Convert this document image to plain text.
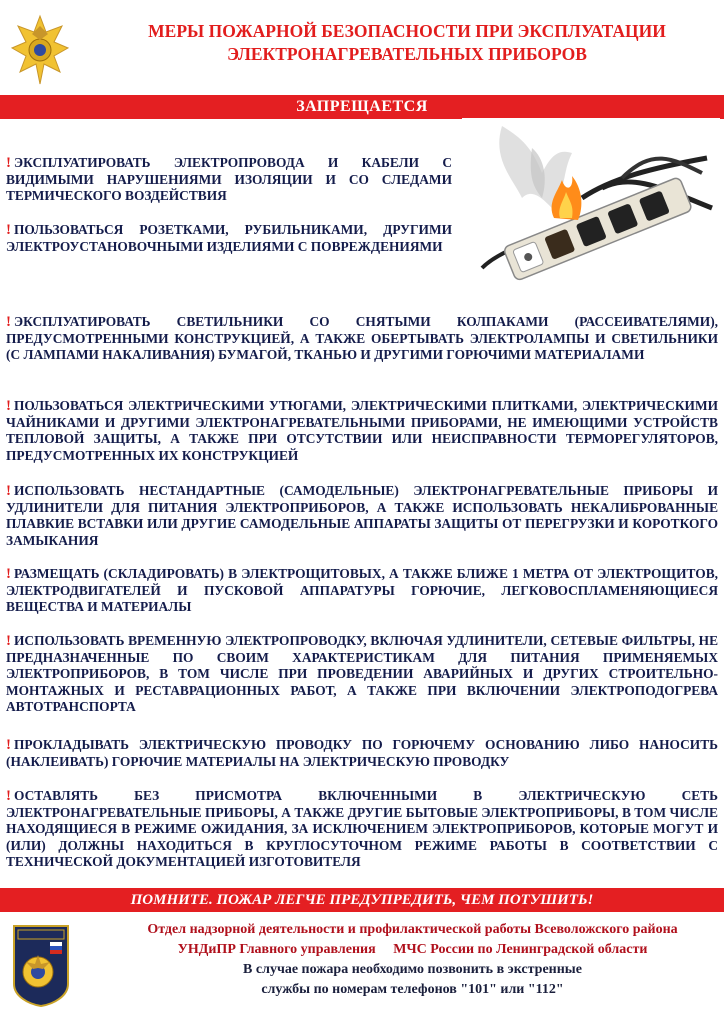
МЕРЫ ПОЖАРНОЙ БЕЗОПАСНОСТИ ПРИ ЭКСПЛУАТАЦИИ
ЭЛЕКТРОНАГРЕВАТЕЛЬНЫХ ПРИБОРОВ
ЗАПРЕЩАЕТСЯ
! ЭКСПЛУАТИРОВАТЬ ЭЛЕКТРОПРОВОДА И КАБЕЛИ С ВИДИМЫМИ НАРУШЕНИЯМИ ИЗОЛЯЦИИ И СО СЛЕДАМИ ТЕРМИЧЕСКОГО ВОЗДЕЙСТВИЯ
! ПОЛЬЗОВАТЬСЯ РОЗЕТКАМИ, РУБИЛЬНИКАМИ, ДРУГИМИ ЭЛЕКТРОУСТАНОВОЧНЫМИ ИЗДЕЛИЯМИ С ПОВРЕЖДЕНИЯМИ
! ЭКСПЛУАТИРОВАТЬ СВЕТИЛЬНИКИ СО СНЯТЫМИ КОЛПАКАМИ (РАССЕИВАТЕЛЯМИ), ПРЕДУСМОТРЕННЫМИ КОНСТРУКЦИЕЙ, А ТАКЖЕ ОБЕРТЫВАТЬ ЭЛЕКТРОЛАМПЫ И СВЕТИЛЬНИКИ (С ЛАМПАМИ НАКАЛИВАНИЯ) БУМАГОЙ, ТКАНЬЮ И ДРУГИМИ ГОРЮЧИМИ МАТЕРИАЛАМИ
! ПОЛЬЗОВАТЬСЯ ЭЛЕКТРИЧЕСКИМИ УТЮГАМИ, ЭЛЕКТРИЧЕСКИМИ ПЛИТКАМИ, ЭЛЕКТРИЧЕСКИМИ ЧАЙНИКАМИ И ДРУГИМИ ЭЛЕКТРОНАГРЕВАТЕЛЬНЫМИ ПРИБОРАМИ, НЕ ИМЕЮЩИМИ УСТРОЙСТВ ТЕПЛОВОЙ ЗАЩИТЫ, А ТАКЖЕ ПРИ ОТСУТСТВИИ ИЛИ НЕИСПРАВНОСТИ ТЕРМОРЕГУЛЯТОРОВ, ПРЕДУСМОТРЕННЫХ ИХ КОНСТРУКЦИЕЙ
! ИСПОЛЬЗОВАТЬ НЕСТАНДАРТНЫЕ (САМОДЕЛЬНЫЕ) ЭЛЕКТРОНАГРЕВАТЕЛЬНЫЕ ПРИБОРЫ И УДЛИНИТЕЛИ ДЛЯ ПИТАНИЯ ЭЛЕКТРОПРИБОРОВ, А ТАКЖЕ ИСПОЛЬЗОВАТЬ НЕКАЛИБРОВАННЫЕ ПЛАВКИЕ ВСТАВКИ ИЛИ ДРУГИЕ САМОДЕЛЬНЫЕ АППАРАТЫ ЗАЩИТЫ ОТ ПЕРЕГРУЗКИ И КОРОТКОГО ЗАМЫКАНИЯ
! РАЗМЕЩАТЬ (СКЛАДИРОВАТЬ) В ЭЛЕКТРОЩИТОВЫХ, А ТАКЖЕ БЛИЖЕ 1 МЕТРА ОТ ЭЛЕКТРОЩИТОВ, ЭЛЕКТРОДВИГАТЕЛЕЙ И ПУСКОВОЙ АППАРАТУРЫ ГОРЮЧИЕ, ЛЕГКОВОСПЛАМЕНЯЮЩИЕСЯ ВЕЩЕСТВА И МАТЕРИАЛЫ
! ИСПОЛЬЗОВАТЬ ВРЕМЕННУЮ ЭЛЕКТРОПРОВОДКУ, ВКЛЮЧАЯ УДЛИНИТЕЛИ, СЕТЕВЫЕ ФИЛЬТРЫ, НЕ ПРЕДНАЗНАЧЕННЫЕ ПО СВОИМ ХАРАКТЕРИСТИКАМ ДЛЯ ПИТАНИЯ ПРИМЕНЯЕМЫХ ЭЛЕКТРОПРИБОРОВ, В ТОМ ЧИСЛЕ ПРИ ПРОВЕДЕНИИ АВАРИЙНЫХ И ДРУГИХ СТРОИТЕЛЬНО-МОНТАЖНЫХ И РЕСТАВРАЦИОННЫХ РАБОТ, А ТАКЖЕ ПРИ ВКЛЮЧЕНИИ ЭЛЕКТРОПОДОГРЕВА АВТОТРАНСПОРТА
! ПРОКЛАДЫВАТЬ ЭЛЕКТРИЧЕСКУЮ ПРОВОДКУ ПО ГОРЮЧЕМУ ОСНОВАНИЮ ЛИБО НАНОСИТЬ (НАКЛЕИВАТЬ) ГОРЮЧИЕ МАТЕРИАЛЫ НА ЭЛЕКТРИЧЕСКУЮ ПРОВОДКУ
! ОСТАВЛЯТЬ БЕЗ ПРИСМОТРА ВКЛЮЧЕННЫМИ В ЭЛЕКТРИЧЕСКУЮ СЕТЬ ЭЛЕКТРОНАГРЕВАТЕЛЬНЫЕ ПРИБОРЫ, А ТАКЖЕ ДРУГИЕ БЫТОВЫЕ ЭЛЕКТРОПРИБОРЫ, В ТОМ ЧИСЛЕ НАХОДЯЩИЕСЯ В РЕЖИМЕ ОЖИДАНИЯ, ЗА ИСКЛЮЧЕНИЕМ ЭЛЕКТРОПРИБОРОВ, КОТОРЫЕ МОГУТ И (ИЛИ) ДОЛЖНЫ НАХОДИТЬСЯ В КРУГЛОСУТОЧНОМ РЕЖИМЕ РАБОТЫ В СООТВЕТСТВИИ С ТЕХНИЧЕСКОЙ ДОКУМЕНТАЦИЕЙ ИЗГОТОВИТЕЛЯ
ПОМНИТЕ. ПОЖАР ЛЕГЧЕ ПРЕДУПРЕДИТЬ, ЧЕМ ПОТУШИТЬ!
Отдел надзорной деятельности и профилактической работы Всеволожского района
УНДиПР Главного управления     МЧС России по Ленинградской области
В случае пожара необходимо позвонить в экстренные
службы по номерам телефонов "101" или "112"
